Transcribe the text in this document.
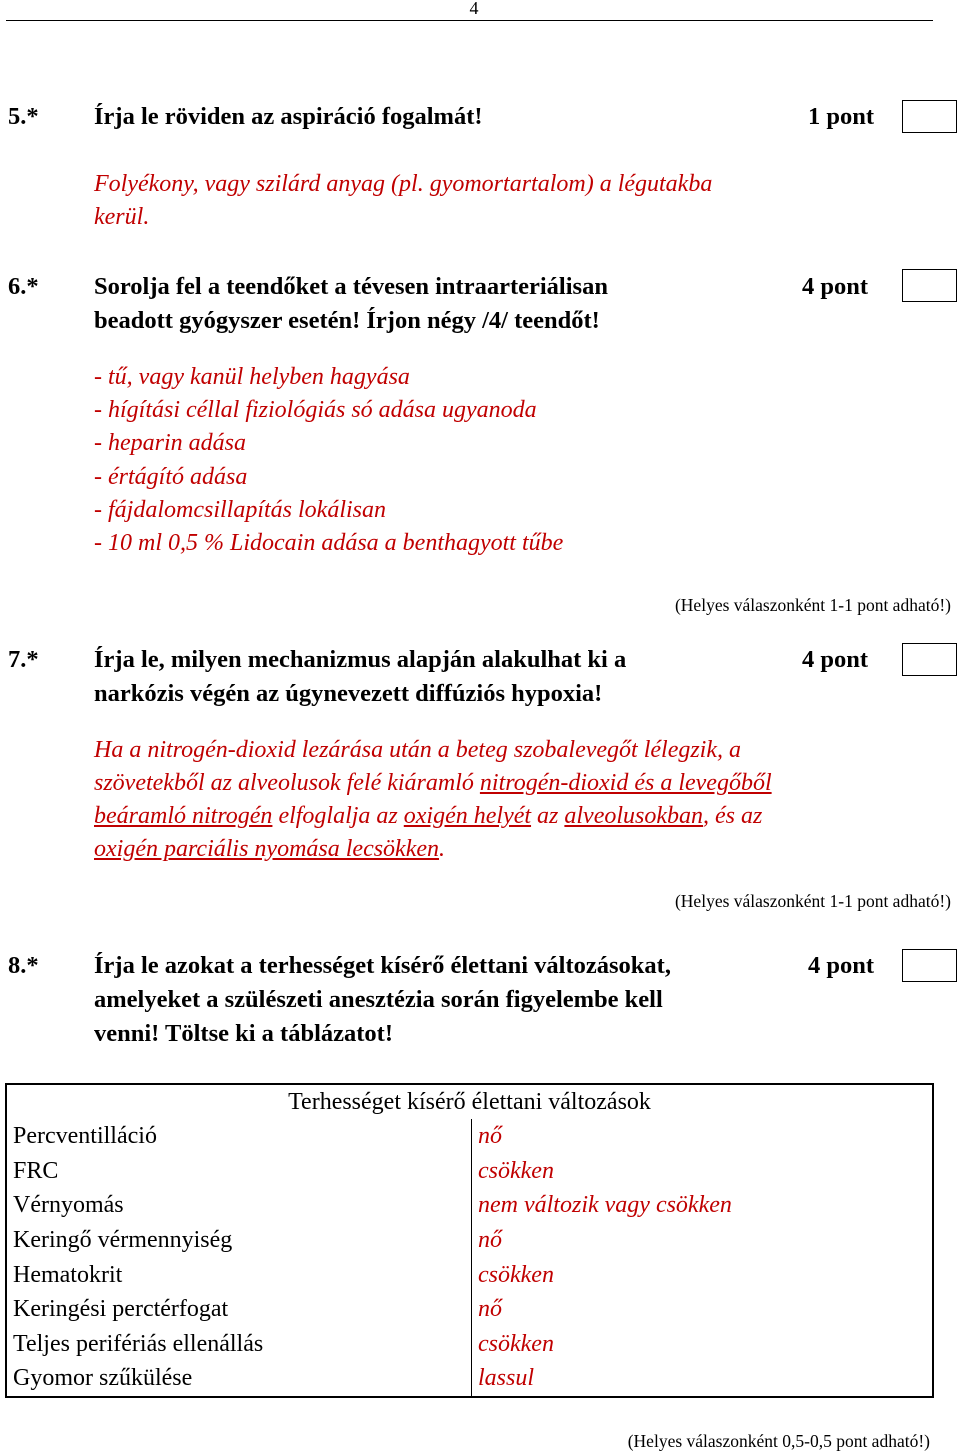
4
5.* Írja le röviden az aspiráció fogalmát!	1 pont
Folyékony, vagy szilárd anyag (pl. gyomortartalom) a légutakba
kerül.
6.* Sorolja fel a teendőket a tévesen intraarteriálisan
beadott gyógyszer esetén! Írjon négy /4/ teendőt!
4 pont
- tű, vagy kanül helyben hagyása
- hígítási céllal fiziológiás só adása ugyanoda
- heparin adása
- értágító adása
- fájdalomcsillapítás lokálisan
- 10 ml 0,5 % Lidocain adása a benthagyott tűbe
(Helyes válaszonként 1-1 pont adható!)
7.* Írja le, milyen mechanizmus alapján alakulhat ki a
narkózis végén az úgynevezett diffúziós hypoxia!
4 pont
Ha a nitrogén-dioxid lezárása után a beteg szobalevegőt lélegzik, a
szövetekből az alveolusok felé kiáramló nitrogén-dioxid és a levegőből
beáramló nitrogén elfoglalja az oxigén helyét az alveolusokban, és az
oxigén parciális nyomása lecsökken.
(Helyes válaszonként 1-1 pont adható!)
8.* Írja le azokat a terhességet kísérő élettani változásokat,
amelyeket a szülészeti anesztézia során figyelembe kell
venni! Töltse ki a táblázatot!
4 pont
Terhességet kísérő élettani változások	
Percventilláció	nő
FRC	csökken
Vérnyomás	nem változik vagy csökken
Keringő vérmennyiség	nő
Hematokrit	csökken
Keringési perctérfogat	nő
Teljes perifériás ellenállás	csökken
Gyomor szűkülése	lassul
(Helyes válaszonként 0,5-0,5 pont adható!)
